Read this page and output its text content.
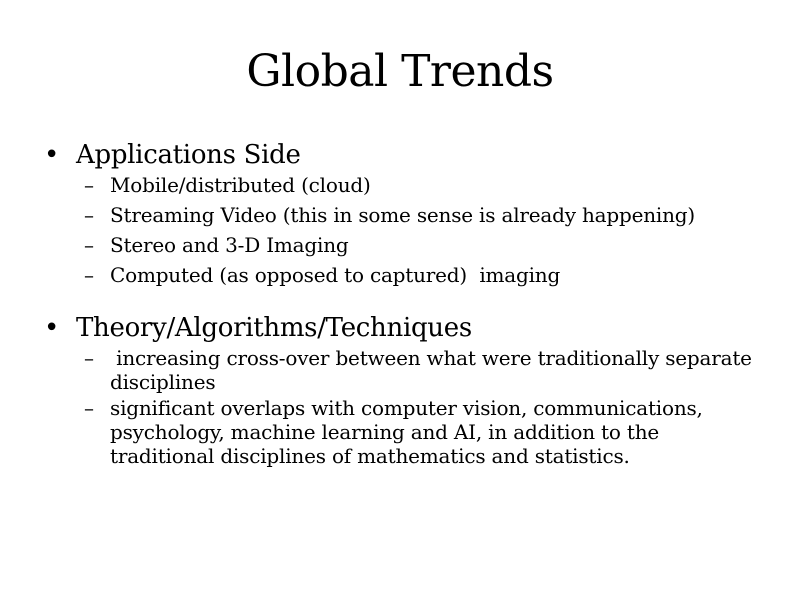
Global Trends
• Applications Side
– Mobile/distributed (cloud)
– Streaming Video (this in some sense is already happening)
– Stereo and 3-D Imaging
– Computed (as opposed to captured)  imaging
• Theory/Algorithms/Techniques
– increasing cross-over between what were traditionally separate disciplines
– significant overlaps with computer vision, communications, psychology, machine learning and AI, in addition to the traditional disciplines of mathematics and statistics.
